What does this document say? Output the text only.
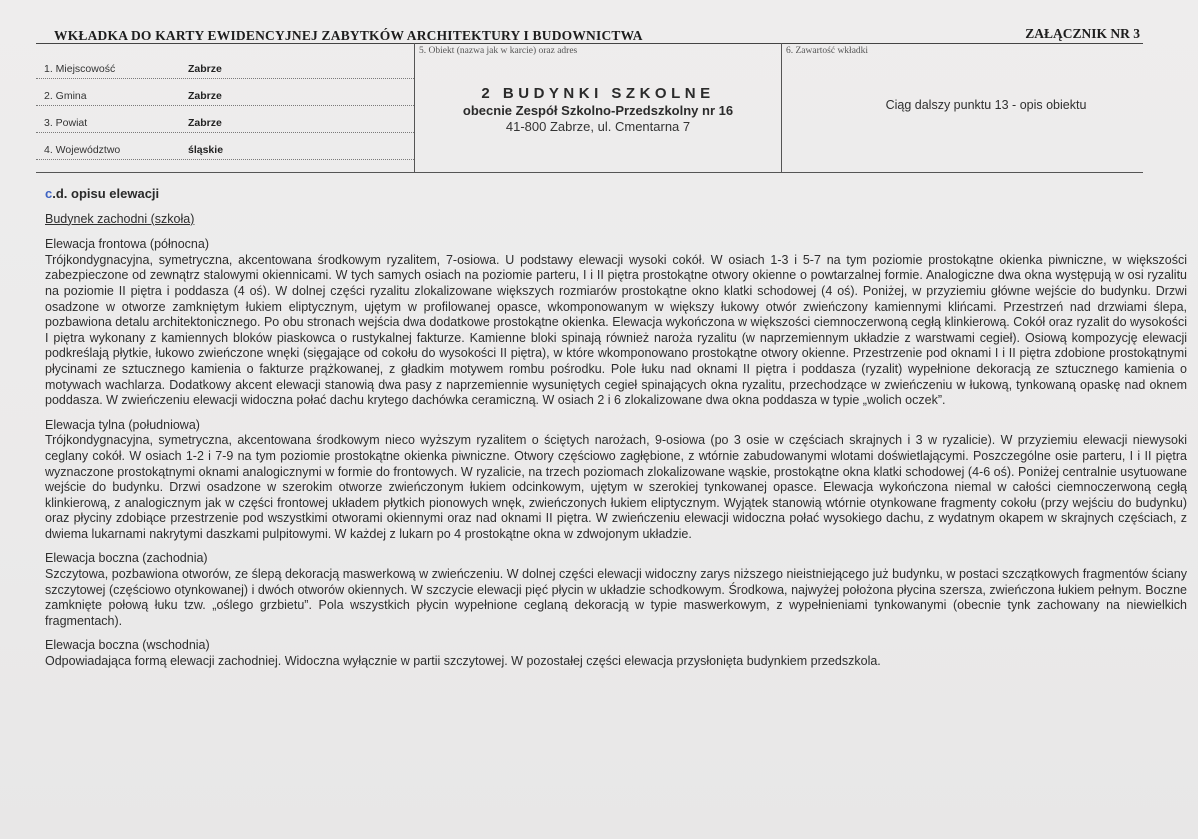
WKŁADKA DO KARTY EWIDENCYJNEJ ZABYTKÓW ARCHITEKTURY I BUDOWNICTWA	ZAŁĄCZNIK NR 3
1. Miejscowość	Zabrze
2. Gmina	Zabrze
3. Powiat	Zabrze
4. Województwo	śląskie
5. Obiekt (nazwa jak w karcie) oraz adres
2 BUDYNKI SZKOLNE
obecnie Zespół Szkolno-Przedszkolny nr 16
41-800 Zabrze, ul. Cmentarna 7
6. Zawartość wkładki
Ciąg dalszy punktu 13 - opis obiektu
c.d. opisu elewacji
Budynek zachodni (szkoła)
Elewacja frontowa (północna)

Trójkondygnacyjna, symetryczna, akcentowana środkowym ryzalitem, 7-osiowa. U podstawy elewacji wysoki cokół. W osiach 1-3 i 5-7 na tym poziomie prostokątne okienka piwniczne, w większości zabezpieczone od zewnątrz stalowymi okiennicami. W tych samych osiach na poziomie parteru, I i II piętra prostokątne otwory okienne o powtarzalnej formie. Analogiczne dwa okna występują w osi ryzalitu na poziomie II piętra i poddasza (4 oś). W dolnej części ryzalitu zlokalizowane większych rozmiarów prostokątne okno klatki schodowej (4 oś). Poniżej, w przyziemiu główne wejście do budynku. Drzwi osadzone w otworze zamkniętym łukiem eliptycznym, ujętym w profilowanej opasce, wkomponowanym w większy łukowy otwór zwieńczony kamiennymi klińcami. Przestrzeń nad drzwiami ślepa, pozbawiona detalu architektonicznego. Po obu stronach wejścia dwa dodatkowe prostokątne okienka. Elewacja wykończona w większości ciemnoczerwoną cegłą klinkierową. Cokół oraz ryzalit do wysokości I piętra wykonany z kamiennych bloków piaskowca o rustykalnej fakturze. Kamienne bloki spinają również naroża ryzalitu (w naprzemiennym układzie z warstwami cegieł). Osiową kompozycję elewacji podkreślają płytkie, łukowo zwieńczone wnęki (sięgające od cokołu do wysokości II piętra), w które wkomponowano prostokątne otwory okienne. Przestrzenie pod oknami I i II piętra zdobione prostokątnymi płycinami ze sztucznego kamienia o fakturze prążkowanej, z gładkim motywem rombu pośrodku. Pole łuku nad oknami II piętra i poddasza (ryzalit) wypełnione dekoracją ze sztucznego kamienia o motywach wachlarza. Dodatkowy akcent elewacji stanowią dwa pasy z naprzemiennie wysuniętych cegieł spinających okna ryzalitu, przechodzące w zwieńczeniu w łukową, tynkowaną opaskę nad oknem poddasza. W zwieńczeniu elewacji widoczna połać dachu krytego dachówka ceramiczną. W osiach 2 i 6 zlokalizowane dwa okna poddasza w typie „wolich oczek”.

Elewacja tylna (południowa)

Trójkondygnacyjna, symetryczna, akcentowana środkowym nieco wyższym ryzalitem o ściętych narożach, 9-osiowa (po 3 osie w częściach skrajnych i 3 w ryzalicie). W przyziemiu elewacji niewysoki ceglany cokół. W osiach 1-2 i 7-9 na tym poziomie prostokątne okienka piwniczne. Otwory częściowo zagłębione, z wtórnie zabudowanymi wlotami doświetlającymi. Poszczególne osie parteru, I i II piętra wyznaczone prostokątnymi oknami analogicznymi w formie do frontowych. W ryzalicie, na trzech poziomach zlokalizowane wąskie, prostokątne okna klatki schodowej (4-6 oś). Poniżej centralnie usytuowane wejście do budynku. Drzwi osadzone w szerokim otworze zwieńczonym łukiem odcinkowym, ujętym w szerokiej tynkowanej opasce. Elewacja wykończona niemal w całości ciemnoczerwoną cegłą klinkierową, z analogicznym jak w części frontowej układem płytkich pionowych wnęk, zwieńczonych łukiem eliptycznym. Wyjątek stanowią wtórnie otynkowane fragmenty cokołu (przy wejściu do budynku) oraz płyciny zdobiące przestrzenie pod wszystkimi otworami okiennymi oraz nad oknami II piętra. W zwieńczeniu elewacji widoczna połać wysokiego dachu, z wydatnym okapem w skrajnych częściach, z dwiema lukarnami nakrytymi daszkami pulpitowymi. W każdej z lukarn po 4 prostokątne okna w zdwojonym układzie.

Elewacja boczna (zachodnia)

Szczytowa, pozbawiona otworów, ze ślepą dekoracją maswerkową w zwieńczeniu. W dolnej części elewacji widoczny zarys niższego nieistniejącego już budynku, w postaci szczątkowych fragmentów ściany szczytowej (częściowo otynkowanej) i dwóch otworów okiennych. W szczycie elewacji pięć płycin w układzie schodkowym. Środkowa, najwyżej położona płycina szersza, zwieńczona łukiem pełnym. Boczne zamknięte połową łuku tzw. „oślego grzbietu”. Pola wszystkich płycin wypełnione ceglaną dekoracją w typie maswerkowym, z wypełnieniami tynkowanymi (obecnie tynk zachowany na niewielkich fragmentach).

Elewacja boczna (wschodnia)

Odpowiadająca formą elewacji zachodniej. Widoczna wyłącznie w partii szczytowej. W pozostałej części elewacja przysłonięta budynkiem przedszkola.
